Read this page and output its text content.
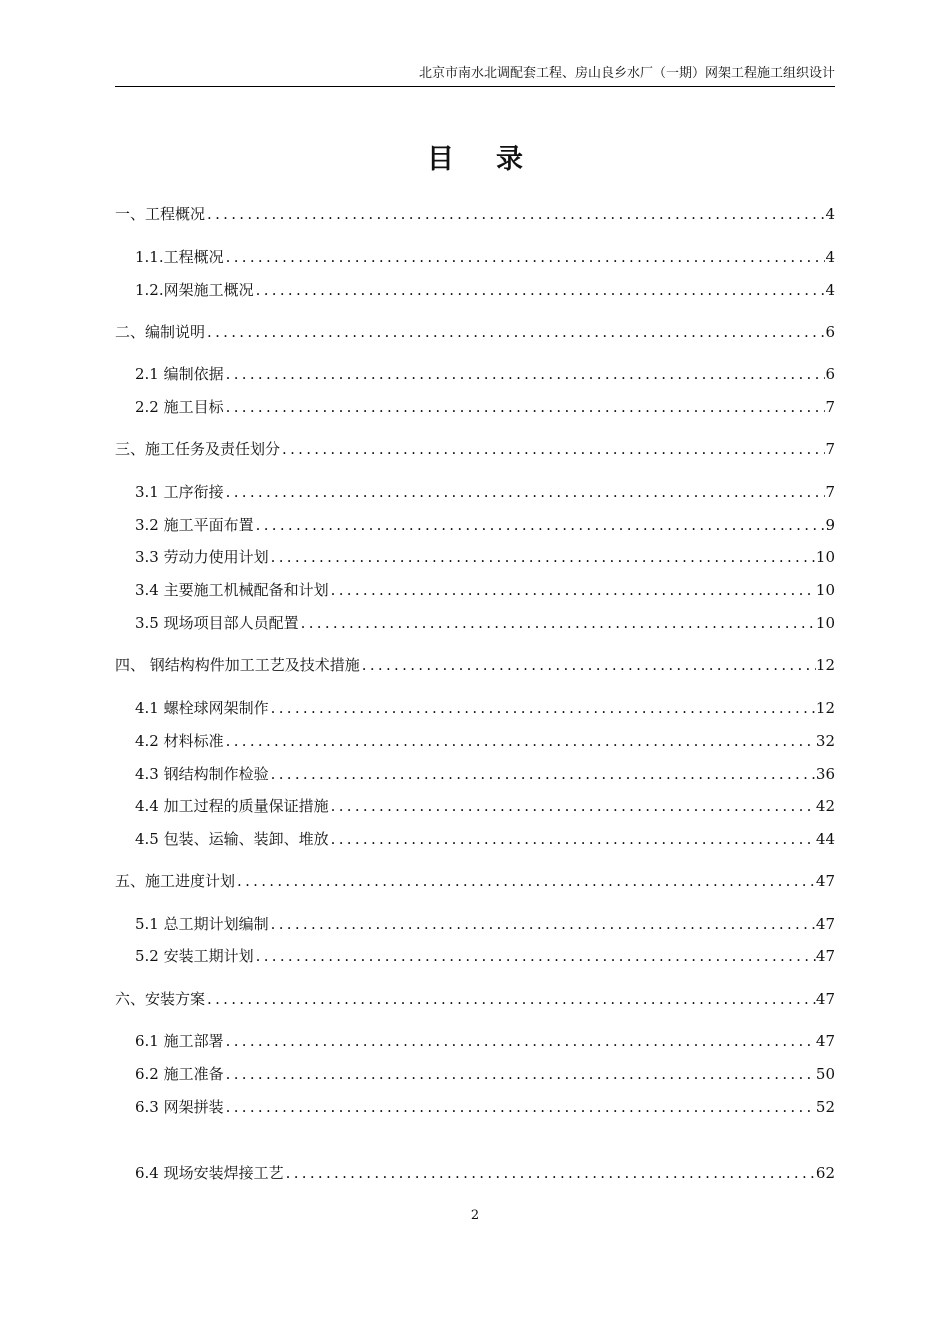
北京市南水北调配套工程、房山良乡水厂（一期）网架工程施工组织设计
目录
一、工程概况 .....	4
1.1.工程概况 .....	4
1.2.网架施工概况 .....	4
二、编制说明 .....	6
2.1 编制依据 .....	6
2.2 施工目标 .....	7
三、施工任务及责任划分 .....	7
3.1 工序衔接 .....	7
3.2 施工平面布置 .....	9
3.3 劳动力使用计划 .....	10
3.4 主要施工机械配备和计划 .....	10
3.5 现场项目部人员配置 .....	10
四、 钢结构构件加工工艺及技术措施 .....	12
4.1 螺栓球网架制作 .....	12
4.2 材料标准 .....	32
4.3 钢结构制作检验 .....	36
4.4 加工过程的质量保证措施 .....	42
4.5 包装、运输、装卸、堆放 .....	44
五、施工进度计划 .....	47
5.1 总工期计划编制 .....	47
5.2 安装工期计划 .....	47
六、安装方案 .....	47
6.1 施工部署 .....	47
6.2 施工准备 .....	50
6.3 网架拼装 .....	52
6.4 现场安装焊接工艺 .....	62
2
